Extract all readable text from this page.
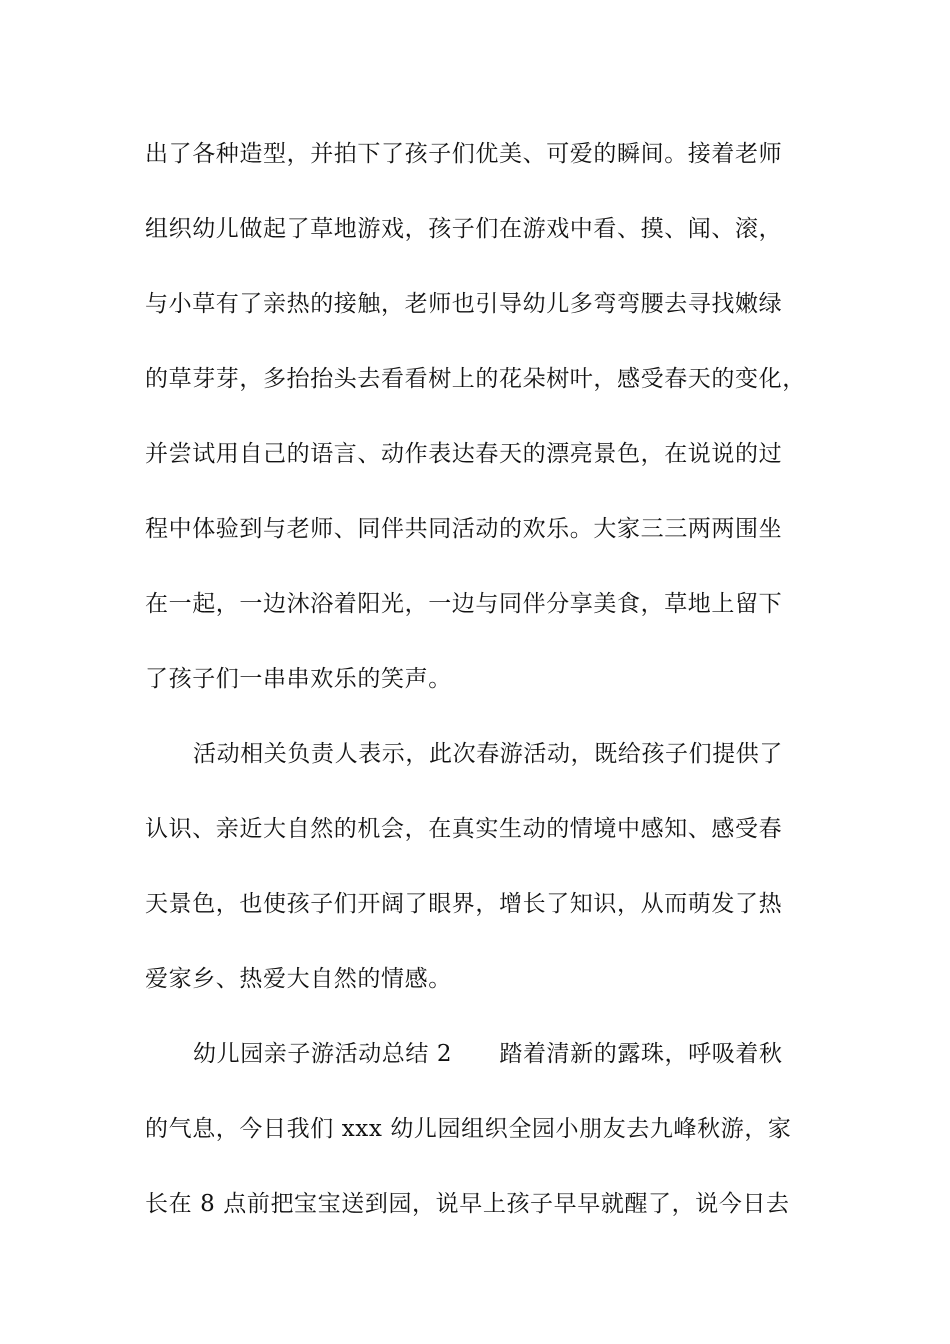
出了各种造型，并拍下了孩子们优美、可爱的瞬间。接着老师
组织幼儿做起了草地游戏，孩子们在游戏中看、摸、闻、滚，
与小草有了亲热的接触，老师也引导幼儿多弯弯腰去寻找嫩绿
的草芽芽，多抬抬头去看看树上的花朵树叶，感受春天的变化，
并尝试用自己的语言、动作表达春天的漂亮景色，在说说的过
程中体验到与老师、同伴共同活动的欢乐。大家三三两两围坐
在一起，一边沐浴着阳光，一边与同伴分享美食，草地上留下
了孩子们一串串欢乐的笑声。
活动相关负责人表示，此次春游活动，既给孩子们提供了
认识、亲近大自然的机会，在真实生动的情境中感知、感受春
天景色，也使孩子们开阔了眼界，增长了知识，从而萌发了热
爱家乡、热爱大自然的情感。
幼儿园亲子游活动总结 2　　踏着清新的露珠，呼吸着秋
的气息，今日我们 xxx 幼儿园组织全园小朋友去九峰秋游，家
长在 8 点前把宝宝送到园，说早上孩子早早就醒了，说今日去
